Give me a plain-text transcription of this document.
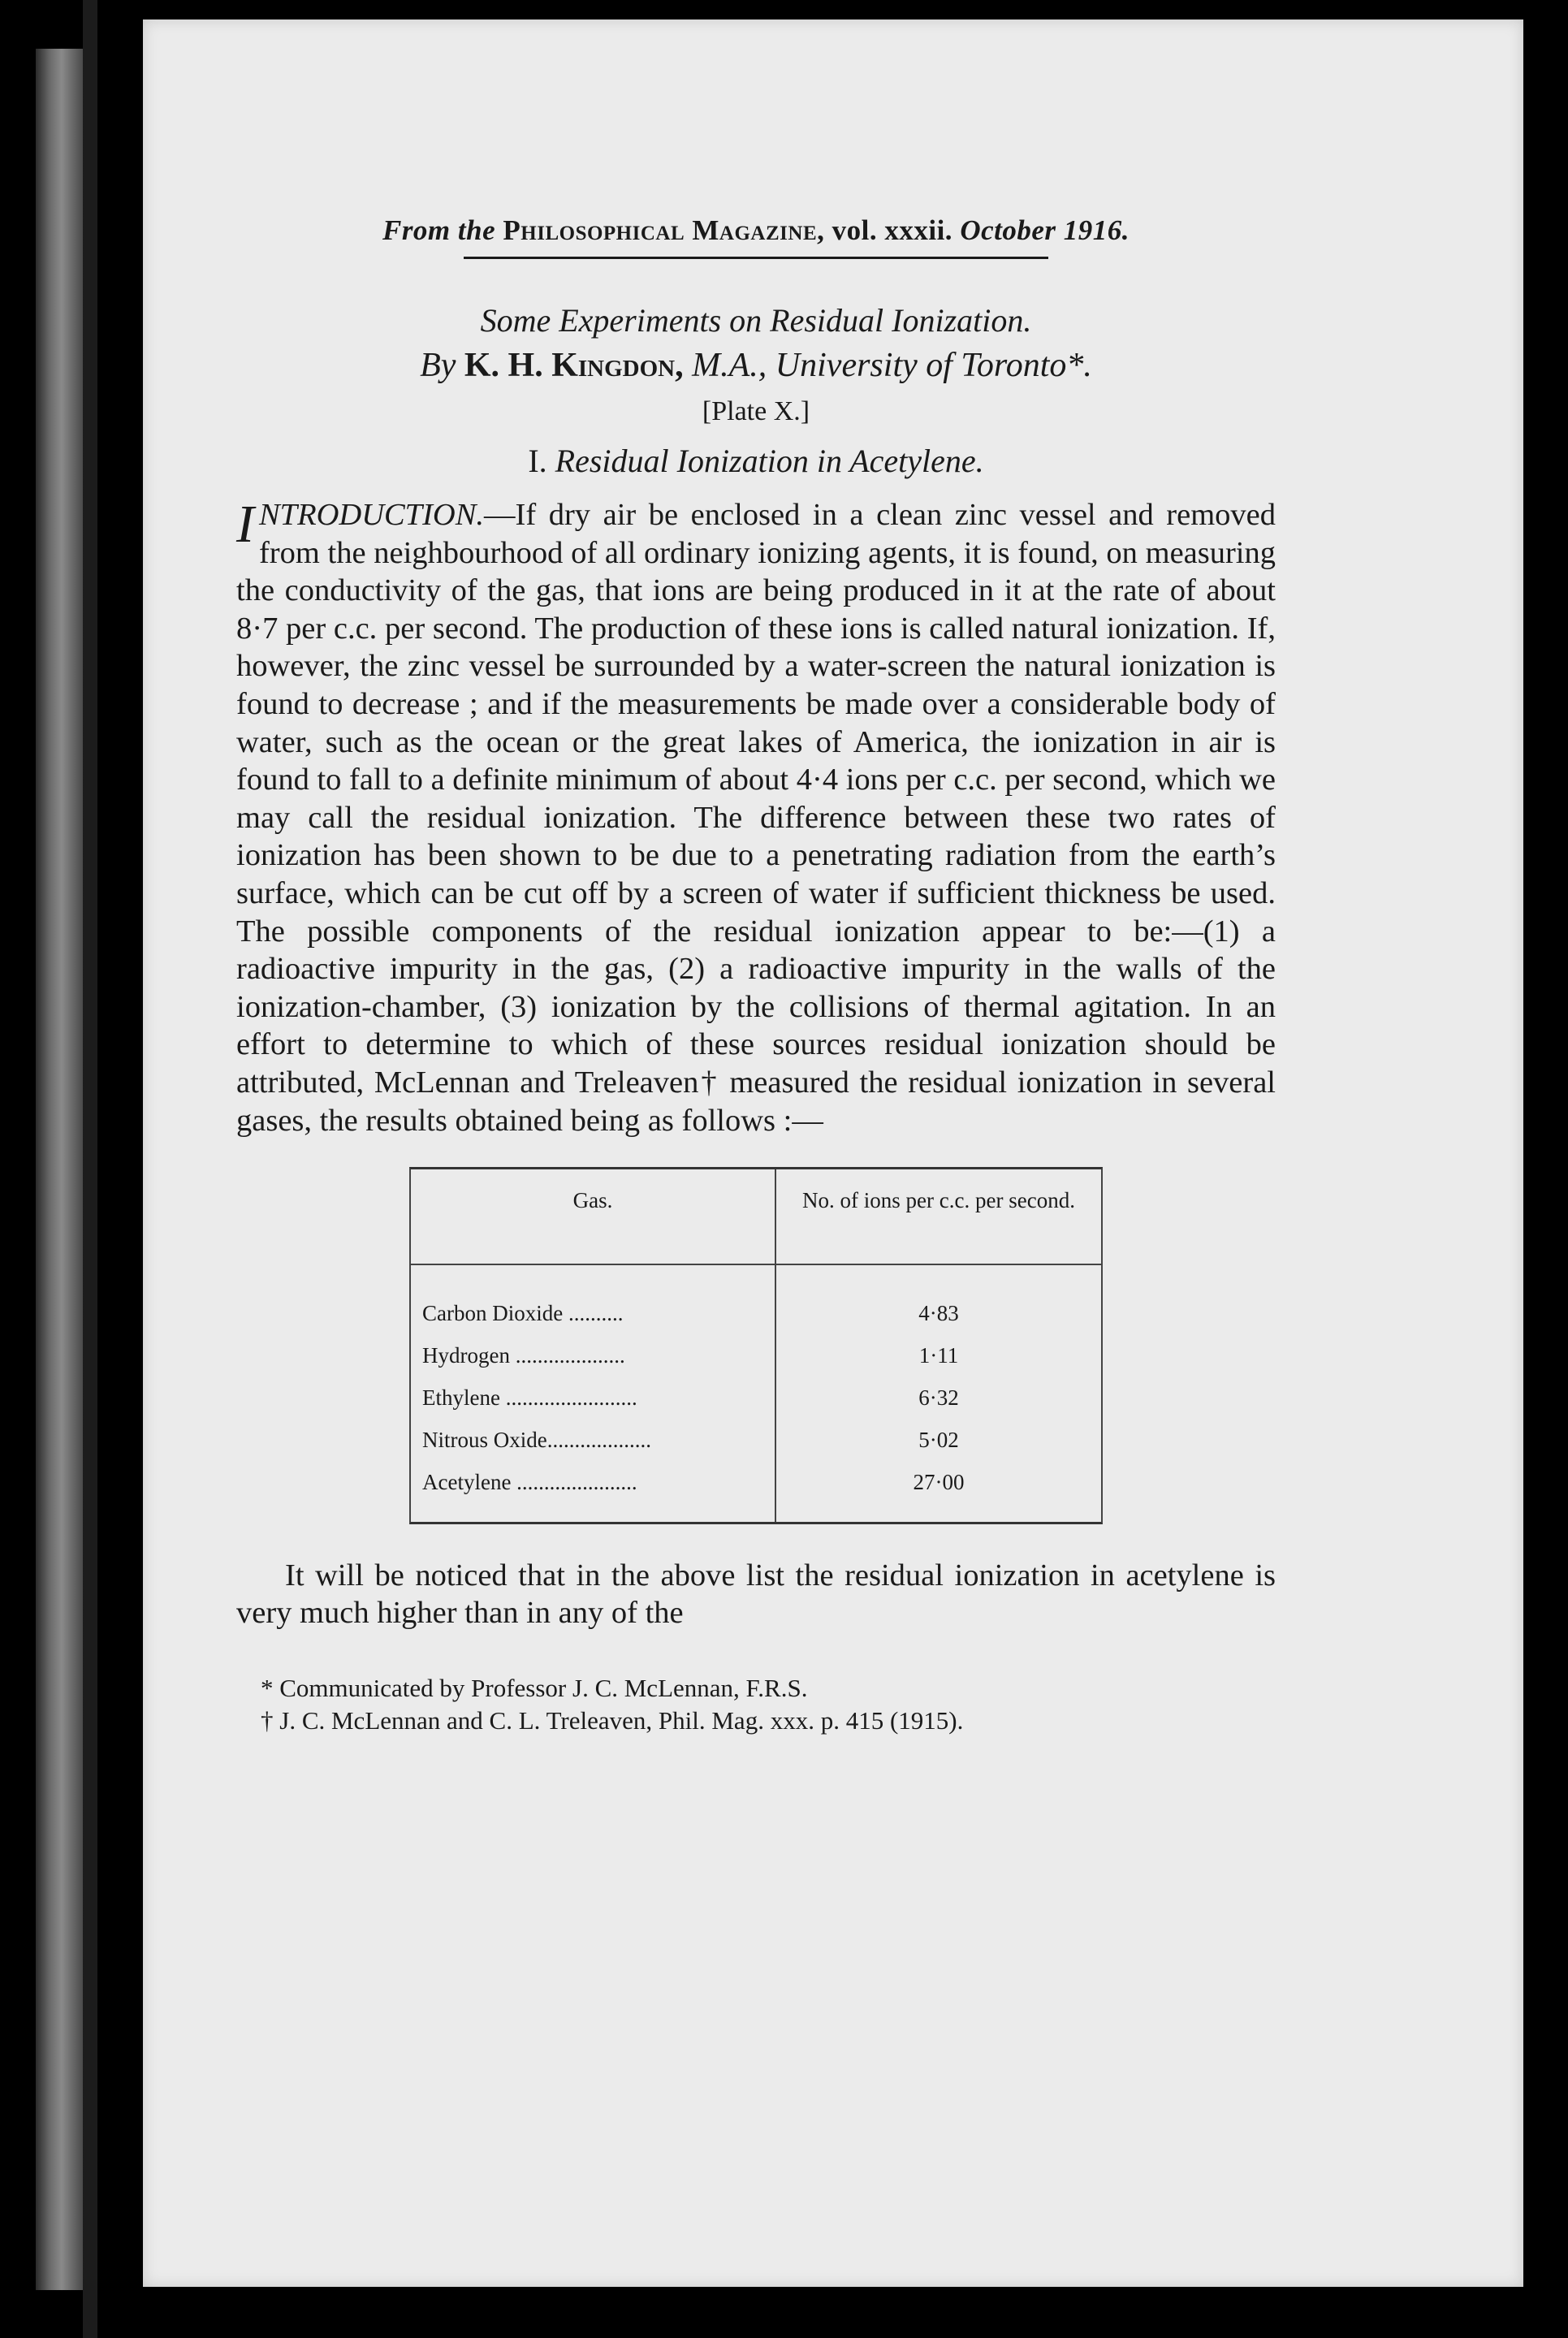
From the Philosophical Magazine, vol. xxxii. October 1916.
Some Experiments on Residual Ionization.
By K. H. Kingdon, M.A., University of Toronto*.
[Plate X.]
I. Residual Ionization in Acetylene.
INTRODUCTION.—If dry air be enclosed in a clean zinc vessel and removed from the neighbourhood of all ordinary ionizing agents, it is found, on measuring the conductivity of the gas, that ions are being produced in it at the rate of about 8·7 per c.c. per second. The production of these ions is called natural ionization. If, however, the zinc vessel be surrounded by a water-screen the natural ionization is found to decrease ; and if the measurements be made over a considerable body of water, such as the ocean or the great lakes of America, the ionization in air is found to fall to a definite minimum of about 4·4 ions per c.c. per second, which we may call the residual ionization. The difference between these two rates of ionization has been shown to be due to a penetrating radiation from the earth’s surface, which can be cut off by a screen of water if sufficient thickness be used. The possible components of the residual ionization appear to be:—(1) a radioactive impurity in the gas, (2) a radioactive impurity in the walls of the ionization-chamber, (3) ionization by the collisions of thermal agitation. In an effort to determine to which of these sources residual ionization should be attributed, McLennan and Treleaven† measured the residual ionization in several gases, the results obtained being as follows :—
Gas.	No. of ions per c.c. per second.
Carbon Dioxide ..........	4·83
Hydrogen ....................	1·11
Ethylene ........................	6·32
Nitrous Oxide...................	5·02
Acetylene ......................	27·00
It will be noticed that in the above list the residual ionization in acetylene is very much higher than in any of the

* Communicated by Professor J. C. McLennan, F.R.S.

† J. C. McLennan and C. L. Treleaven, Phil. Mag. xxx. p. 415 (1915).
